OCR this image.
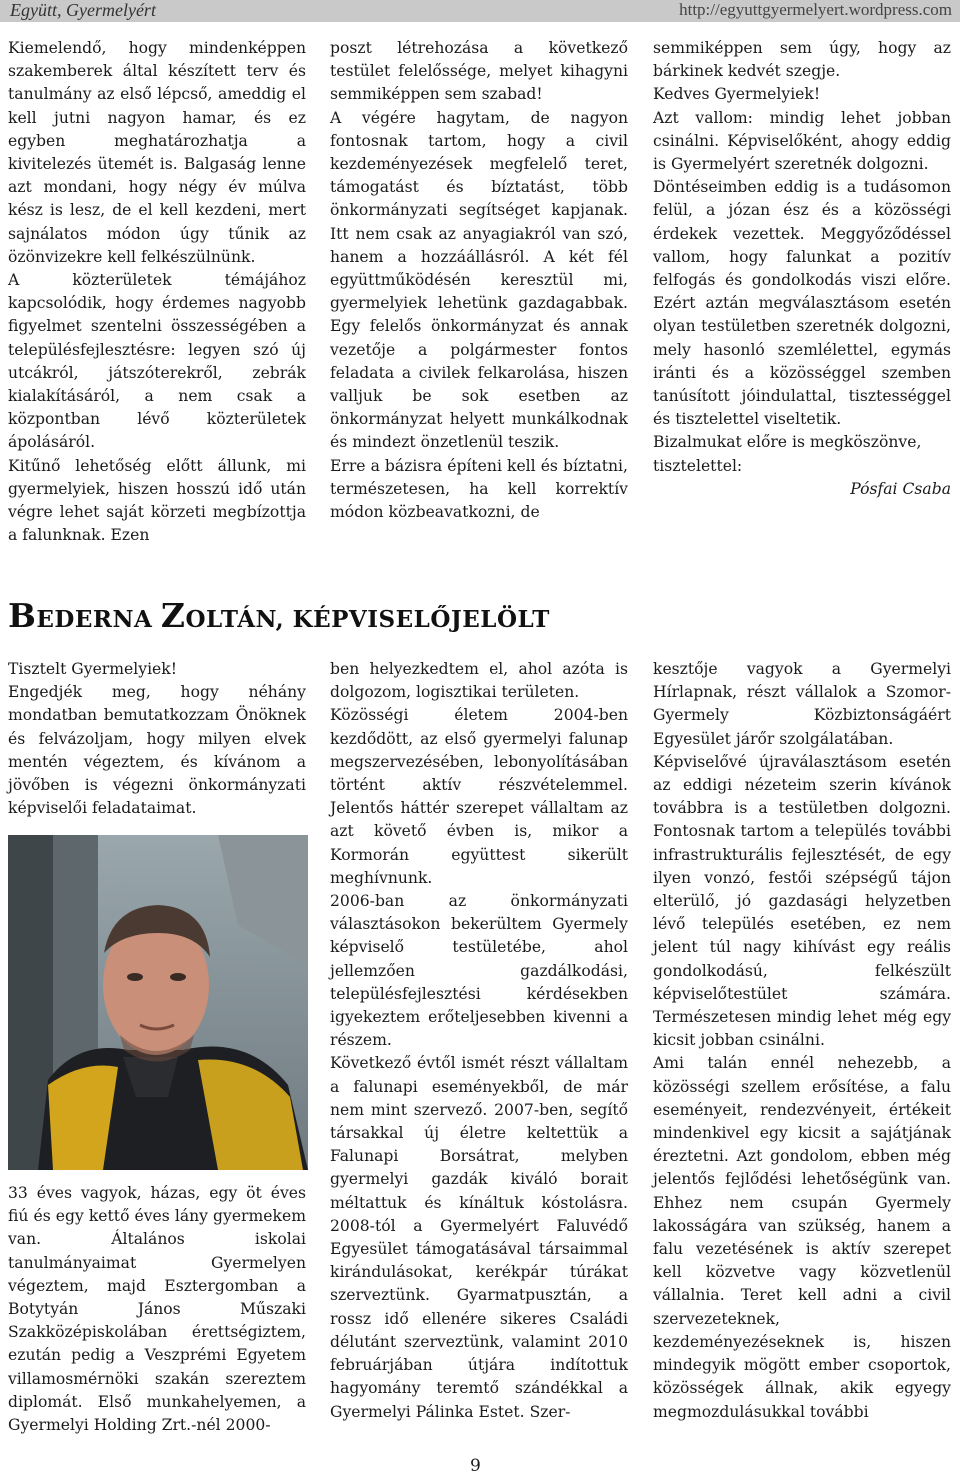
Együtt, Gyermelyért	http://egyuttgyermelyert.wordpress.com

Kiemelendő, hogy mindenképpen szakemberek által készített terv és tanulmány az első lépcső, ameddig el kell jutni nagyon hamar, és ez egyben meghatározhatja a kivitelezés ütemét is. Balgaság lenne azt mondani, hogy négy év múlva kész is lesz, de el kell kezdeni, mert sajnálatos módon úgy tűnik az özönvizekre kell felkészülnünk.

A közterületek témájához kapcsolódik, hogy érdemes nagyobb figyelmet szentelni összességében a településfejlesztésre: legyen szó új utcákról, játszóterekről, zebrák kialakításáról, a nem csak a központban lévő közterületek ápolásáról.

Kitűnő lehetőség előtt állunk, mi gyermelyiek, hiszen hosszú idő után végre lehet saját körzeti megbízottja a falunknak. Ezen

poszt létrehozása a következő testület felelőssége, melyet kihagyni semmiképpen sem szabad!

A végére hagytam, de nagyon fontosnak tartom, hogy a civil kezdeményezések megfelelő teret, támogatást és bíztatást, több önkormányzati segítséget kapjanak. Itt nem csak az anyagiakról van szó, hanem a hozzáállásról. A két fél együttműködésén keresztül mi, gyermelyiek lehetünk gazdagabbak. Egy felelős önkormányzat és annak vezetője a polgármester fontos feladata a civilek felkarolása, hiszen valljuk be sok esetben az önkormányzat helyett munkálkodnak és mindezt önzetlenül teszik.

Erre a bázisra építeni kell és bíztatni, természetesen, ha kell korrektív módon közbeavatkozni, de

semmiképpen sem úgy, hogy az bárkinek kedvét szegje.

Kedves Gyermelyiek!

Azt vallom: mindig lehet jobban csinálni. Képviselőként, ahogy eddig is Gyermelyért szeretnék dolgozni.

Döntéseimben eddig is a tudásomon felül, a józan ész és a közösségi érdekek vezettek. Meggyőződéssel vallom, hogy falunkat a pozitív felfogás és gondolkodás viszi előre. Ezért aztán megválasztásom esetén olyan testületben szeretnék dolgozni, mely hasonló szemlélettel, egymás iránti és a közösséggel szemben tanúsított jóindulattal, tisztességgel és tisztelettel viseltetik.

Bizalmukat előre is megköszönve, tisztelettel:

Pósfai Csaba

BEDERNA ZOLTÁN, KÉPVISELŐJELÖLT

Tisztelt Gyermelyiek!

Engedjék meg, hogy néhány mondatban bemutatkozzam Önöknek és felvázoljam, hogy milyen elvek mentén végeztem, és kívánom a jövőben is végezni önkormányzati képviselői feladataimat.

33 éves vagyok, házas, egy öt éves fiú és egy kettő éves lány gyermekem van. Általános iskolai tanulmányaimat Gyermelyen végeztem, majd Esztergomban a Botytyán János Műszaki Szakközépiskolában érettségiztem, ezután pedig a Veszprémi Egyetem villamosmérnöki szakán szereztem diplomát. Első munkahelyemen, a Gyermelyi Holding Zrt.-nél 2000-

ben helyezkedtem el, ahol azóta is dolgozom, logisztikai területen.

Közösségi életem 2004-ben kezdődött, az első gyermelyi falunap megszervezésében, lebonyolításában történt aktív részvételemmel. Jelentős háttér szerepet vállaltam az azt követő évben is, mikor a Kormorán együttest sikerült meghívnunk.

2006-ban az önkormányzati választásokon bekerültem Gyermely képviselő testületébe, ahol jellemzően gazdálkodási, településfejlesztési kérdésekben igyekeztem erőteljesebben kivenni a részem.

Következő évtől ismét részt vállaltam a falunapi eseményekből, de már nem mint szervező. 2007-ben, segítő társakkal új életre keltettük a Falunapi Borsátrat, melyben gyermelyi gazdák kiváló borait méltattuk és kínáltuk kóstolásra. 2008-tól a Gyermelyért Faluvédő Egyesület támogatásával társaimmal kirándulásokat, kerékpár túrákat szerveztünk. Gyarmatpusztán, a rossz idő ellenére sikeres Családi délutánt szerveztünk, valamint 2010 februárjában útjára indítottuk hagyomány teremtő szándékkal a Gyermelyi Pálinka Estet. Szer-

kesztője vagyok a Gyermelyi Hírlapnak, részt vállalok a Szomor-Gyermely Közbiztonságáért Egyesület járőr szolgálatában.

Képviselővé újraválasztásom esetén az eddigi nézeteim szerin kívánok továbbra is a testületben dolgozni. Fontosnak tartom a település további infrastrukturális fejlesztését, de egy ilyen vonzó, festői szépségű tájon elterülő, jó gazdasági helyzetben lévő település esetében, ez nem jelent túl nagy kihívást egy reális gondolkodású, felkészült képviselőtestület számára. Természetesen mindig lehet még egy kicsit jobban csinálni.

Ami talán ennél nehezebb, a közösségi szellem erősítése, a falu eseményeit, rendezvényeit, értékeit mindenkivel egy kicsit a sajátjának éreztetni. Azt gondolom, ebben még jelentős fejlődési lehetőségünk van. Ehhez nem csupán Gyermely lakosságára van szükség, hanem a falu vezetésének is aktív szerepet kell közvetve vagy közvetlenül vállalnia. Teret kell adni a civil szervezeteknek, kezdeményezéseknek is, hiszen mindegyik mögött ember csoportok, közösségek állnak, akik egyegy megmozdulásukkal további

9
